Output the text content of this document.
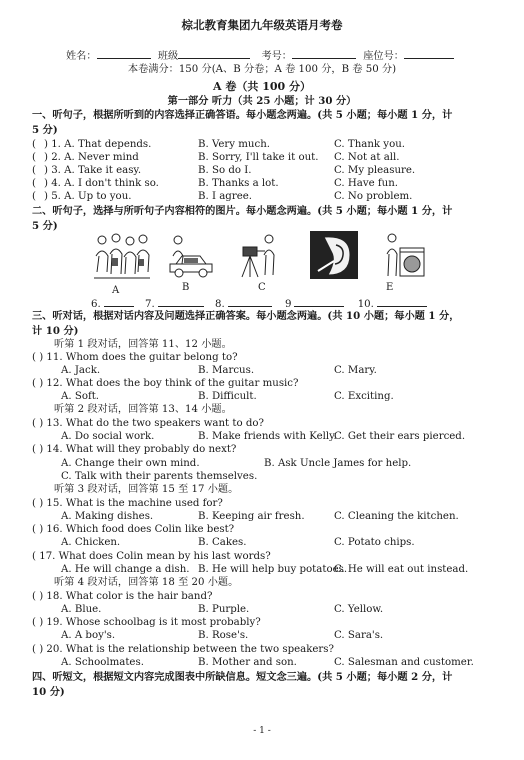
棕北教育集团九年级英语月考卷
姓名：	班级	考号：	座位号：
本卷满分：150 分(A、B 分卷；A 卷 100 分，B 卷 50 分)
A 卷（共 100 分）
第一部分 听力（共 25 小题；计 30 分）
一、听句子，根据所听到的内容选择正确答语。每小题念两遍。(共 5 小题；每小题 1 分，计
5 分)
( ) 1. A. That depends.	B. Very much.	C. Thank you.
( ) 2. A. Never mind	B. Sorry, I'll take it out. C. Not at all.
( ) 3. A. Take it easy.	B. So do I.	C. My pleasure.
( ) 4. A. I don't think so.	B. Thanks a lot.	C. Have fun.
( ) 5. A. Up to you.	B. I agree.	C. No problem.
二、听句子，选择与所听句子内容相符的图片。每小题念两遍。(共 5 小题；每小题 1 分，计
5 分)
A	B	C	E
6.	7.	8.	9	10.
三、听对话，根据对话内容及问题选择正确答案。每小题念两遍。(共 10 小题；每小题 1 分，
计 10 分)
听第 1 段对话，回答第 11、12 小题。
( ) 11. Whom does the guitar belong to?
A. Jack.	B. Marcus.	C. Mary.
( ) 12. What does the boy think of the guitar music?
A. Soft.	B. Difficult.	C. Exciting.
听第 2 段对话，回答第 13、14 小题。
( ) 13. What do the two speakers want to do?
A. Do social work.	B. Make friends with Kelly.
C. Get their ears pierced.
( ) 14. What will they probably do next?
A. Change their own mind.	B. Ask Uncle James for help.
C. Talk with their parents themselves.
听第 3 段对话，回答第 15 至 17 小题。
( ) 15. What is the machine used for?
A. Making dishes.	B. Keeping air fresh.	C. Cleaning the kitchen.
( ) 16. Which food does Colin like best?
A. Chicken.	B. Cakes.	C. Potato chips.
( 17. What does Colin mean by his last words?
A. He will change a dish. B. He will help buy potatoes.
C. He will eat out instead.
听第 4 段对话，回答第 18 至 20 小题。
( ) 18. What color is the hair band?
A. Blue.	B. Purple.	C. Yellow.
( ) 19. Whose schoolbag is it most probably?
A. A boy's.	B. Rose's.	C. Sara's.
( ) 20. What is the relationship between the two speakers?
A. Schoolmates.	B. Mother and son.	C. Salesman and customer.
四、听短文，根据短文内容完成图表中所缺信息。短文念三遍。(共 5 小题；每小题 2 分，计
10 分)
- 1 -
